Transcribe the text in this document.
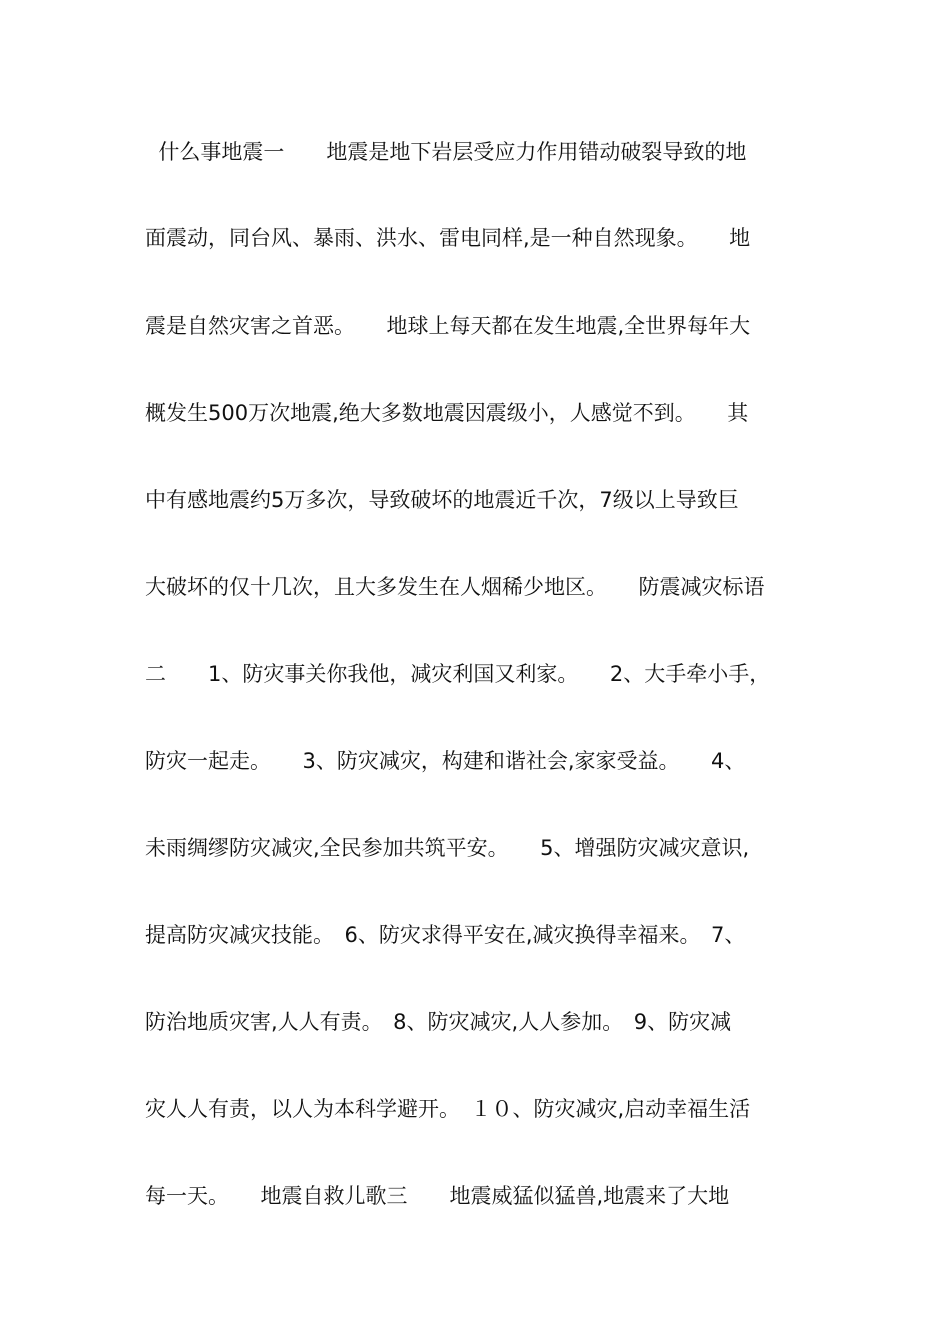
什么事地震一　　地震是地下岩层受应力作用错动破裂导致的地
面震动，同台风、暴雨、洪水、雷电同样,是一种自然现象。　　地
震是自然灾害之首恶。　　地球上每天都在发生地震,全世界每年大
概发生500万次地震,绝大多数地震因震级小，人感觉不到。　　其
中有感地震约5万多次，导致破坏的地震近千次，7级以上导致巨
大破坏的仅十几次，且大多发生在人烟稀少地区。　　防震减灾标语
二　　1、防灾事关你我他，减灾利国又利家。　　2、大手牵小手，
防灾一起走。　　3、防灾减灾，构建和谐社会,家家受益。　　4、
未雨绸缪防灾减灾,全民参加共筑平安。　　5、增强防灾减灾意识,
提高防灾减灾技能。　6、防灾求得平安在,减灾换得幸福来。　7、
防治地质灾害,人人有责。　8、防灾减灾,人人参加。　9、防灾减
灾人人有责，以人为本科学避开。　１０、防灾减灾,启动幸福生活
每一天。　　地震自救儿歌三　　地震威猛似猛兽,地震来了大地
